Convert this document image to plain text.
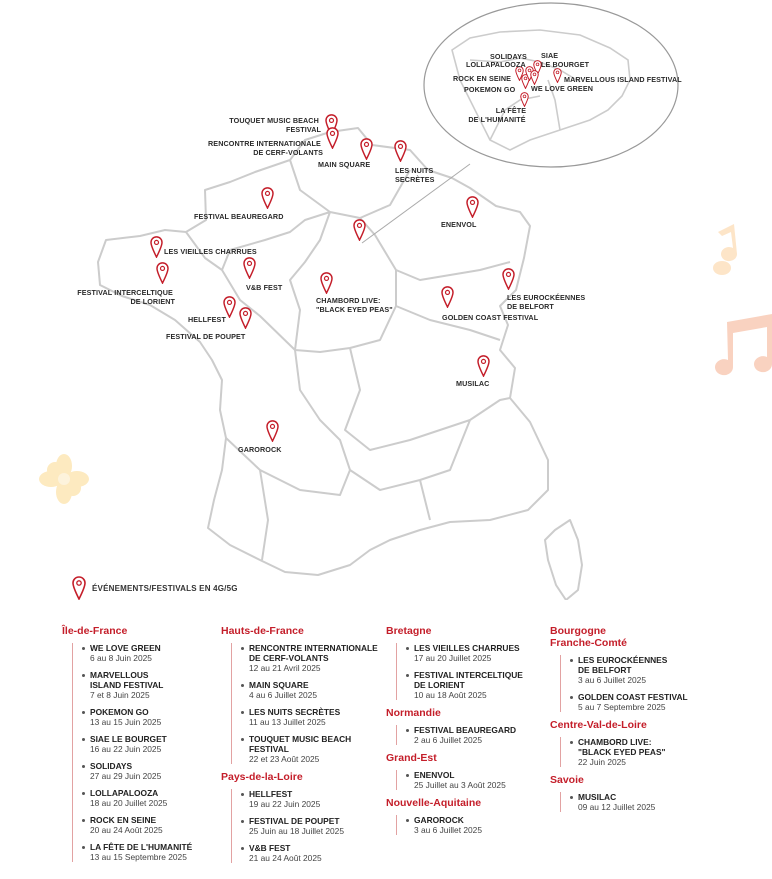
TOUQUET MUSIC BEACH FESTIVAL
RENCONTRE INTERNATIONALE DE CERF-VOLANTS
MAIN SQUARE
LES NUITS SECRÈTES
FESTIVAL BEAUREGARD
ENENVOL
LES VIEILLES CHARRUES
FESTIVAL INTERCELTIQUE DE LORIENT
V&B FEST
HELLFEST
FESTIVAL DE POUPET
CHAMBORD LIVE: "BLACK EYED PEAS"
GOLDEN COAST FESTIVAL
LES EUROCKÉENNES DE BELFORT
MUSILAC
GAROROCK
SOLIDAYS SIAE LE BOURGET
LOLLAPALOOZA
ROCK EN SEINE	MARVELLOUS ISLAND FESTIVAL
POKEMON GO WE LOVE GREEN
LA FÊTE DE L'HUMANITÉ
ÉVÉNEMENTS/FESTIVALS EN 4G/5G
Île-de-France
WE LOVE GREEN
6 au 8 Juin 2025
MARVELLOUS
ISLAND FESTIVAL
7 et 8 Juin 2025
POKEMON GO
13 au 15 Juin 2025
SIAE LE BOURGET
16 au 22 Juin 2025
SOLIDAYS
27 au 29 Juin 2025
LOLLAPALOOZA
18 au 20 Juillet 2025
ROCK EN SEINE
20 au 24 Août 2025
LA FÊTE DE L'HUMANITÉ
13 au 15 Septembre 2025
Hauts-de-France
RENCONTRE INTERNATIONALE
DE CERF-VOLANTS
12 au 21 Avril 2025
MAIN SQUARE
4 au 6 Juillet 2025
LES NUITS SECRÈTES
11 au 13 Juillet 2025
TOUQUET MUSIC BEACH
FESTIVAL
22 et 23 Août 2025
Pays-de-la-Loire
HELLFEST
19 au 22 Juin 2025
FESTIVAL DE POUPET
25 Juin au 18 Juillet 2025
V&B FEST
21 au 24 Août 2025
Bretagne
LES VIEILLES CHARRUES
17 au 20 Juillet 2025
FESTIVAL INTERCELTIQUE
DE LORIENT
10 au 18 Août 2025
Normandie
FESTIVAL BEAUREGARD
2 au 6 Juillet 2025
Grand-Est
ENENVOL
25 Juillet au 3 Août 2025
Nouvelle-Aquitaine
GAROROCK
3 au 6 Juillet 2025
Bourgogne
Franche-Comté
LES EUROCKÉENNES
DE BELFORT
3 au 6 Juillet 2025
GOLDEN COAST FESTIVAL
5 au 7 Septembre 2025
Centre-Val-de-Loire
CHAMBORD LIVE:
"BLACK EYED PEAS"
22 Juin 2025
Savoie
MUSILAC
09 au 12 Juillet 2025
